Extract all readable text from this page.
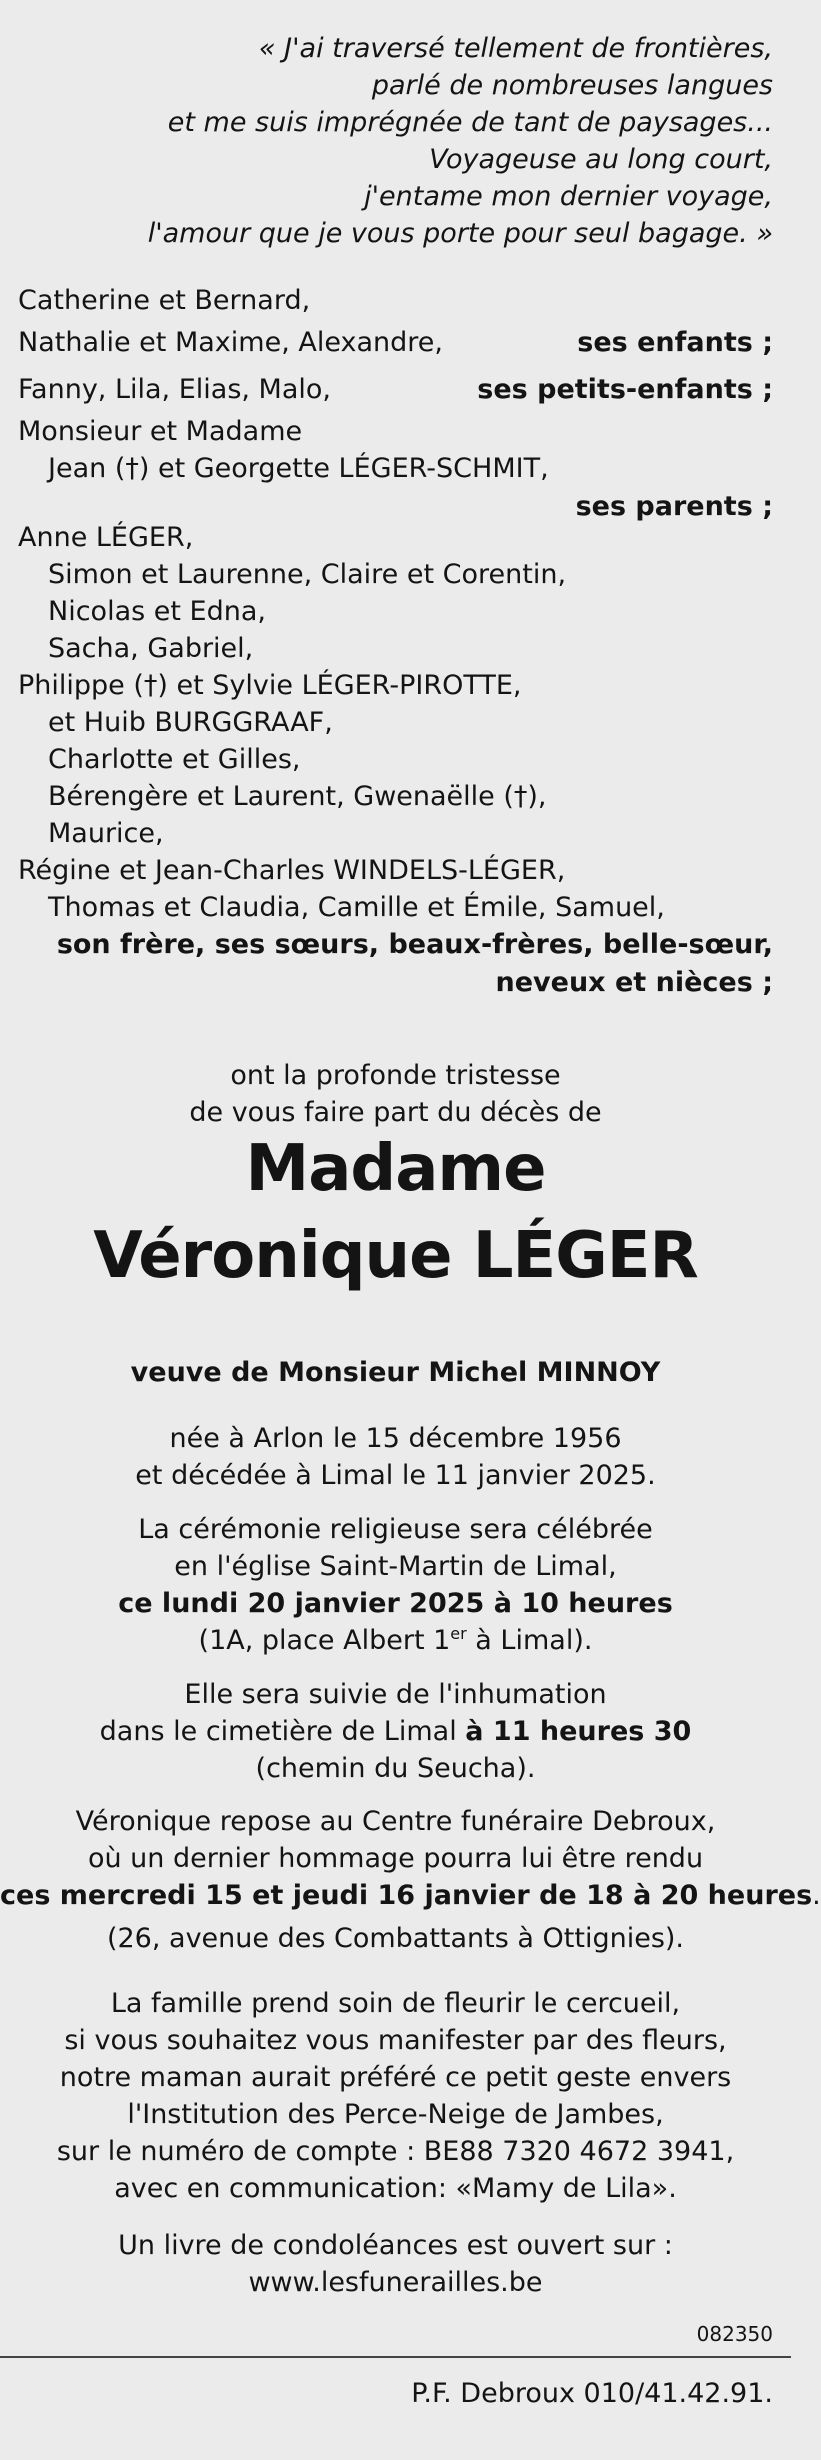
« J'ai traversé tellement de frontières,
parlé de nombreuses langues
et me suis imprégnée de tant de paysages...
Voyageuse au long court,
j'entame mon dernier voyage,
l'amour que je vous porte pour seul bagage. »
Catherine et Bernard,
Nathalie et Maxime, Alexandre,	ses enfants ;
Fanny, Lila, Elias, Malo,	ses petits-enfants ;
Monsieur et Madame
Jean (†) et Georgette LÉGER-SCHMIT,
ses parents ;
Anne LÉGER,
Simon et Laurenne, Claire et Corentin,
Nicolas et Edna,
Sacha, Gabriel,
Philippe (†) et Sylvie LÉGER-PIROTTE,
et Huib BURGGRAAF,
Charlotte et Gilles,
Bérengère et Laurent, Gwenaëlle (†),
Maurice,
Régine et Jean-Charles WINDELS-LÉGER,
Thomas et Claudia, Camille et Émile, Samuel,
son frère, ses sœurs, beaux-frères, belle-sœur,
neveux et nièces ;
ont la profonde tristesse
de vous faire part du décès de
Madame
Véronique LÉGER
veuve de Monsieur Michel MINNOY
née à Arlon le 15 décembre 1956
et décédée à Limal le 11 janvier 2025.
La cérémonie religieuse sera célébrée
en l'église Saint-Martin de Limal,
ce lundi 20 janvier 2025 à 10 heures
(1A, place Albert 1er à Limal).
Elle sera suivie de l'inhumation
dans le cimetière de Limal à 11 heures 30
(chemin du Seucha).
Véronique repose au Centre funéraire Debroux,
où un dernier hommage pourra lui être rendu
ces mercredi 15 et jeudi 16 janvier de 18 à 20 heures.
(26, avenue des Combattants à Ottignies).
La famille prend soin de fleurir le cercueil,
si vous souhaitez vous manifester par des fleurs,
notre maman aurait préféré ce petit geste envers
l'Institution des Perce-Neige de Jambes,
sur le numéro de compte : BE88 7320 4672 3941,
avec en communication: «Mamy de Lila».
Un livre de condoléances est ouvert sur :
www.lesfunerailles.be
082350
P.F. Debroux 010/41.42.91.
